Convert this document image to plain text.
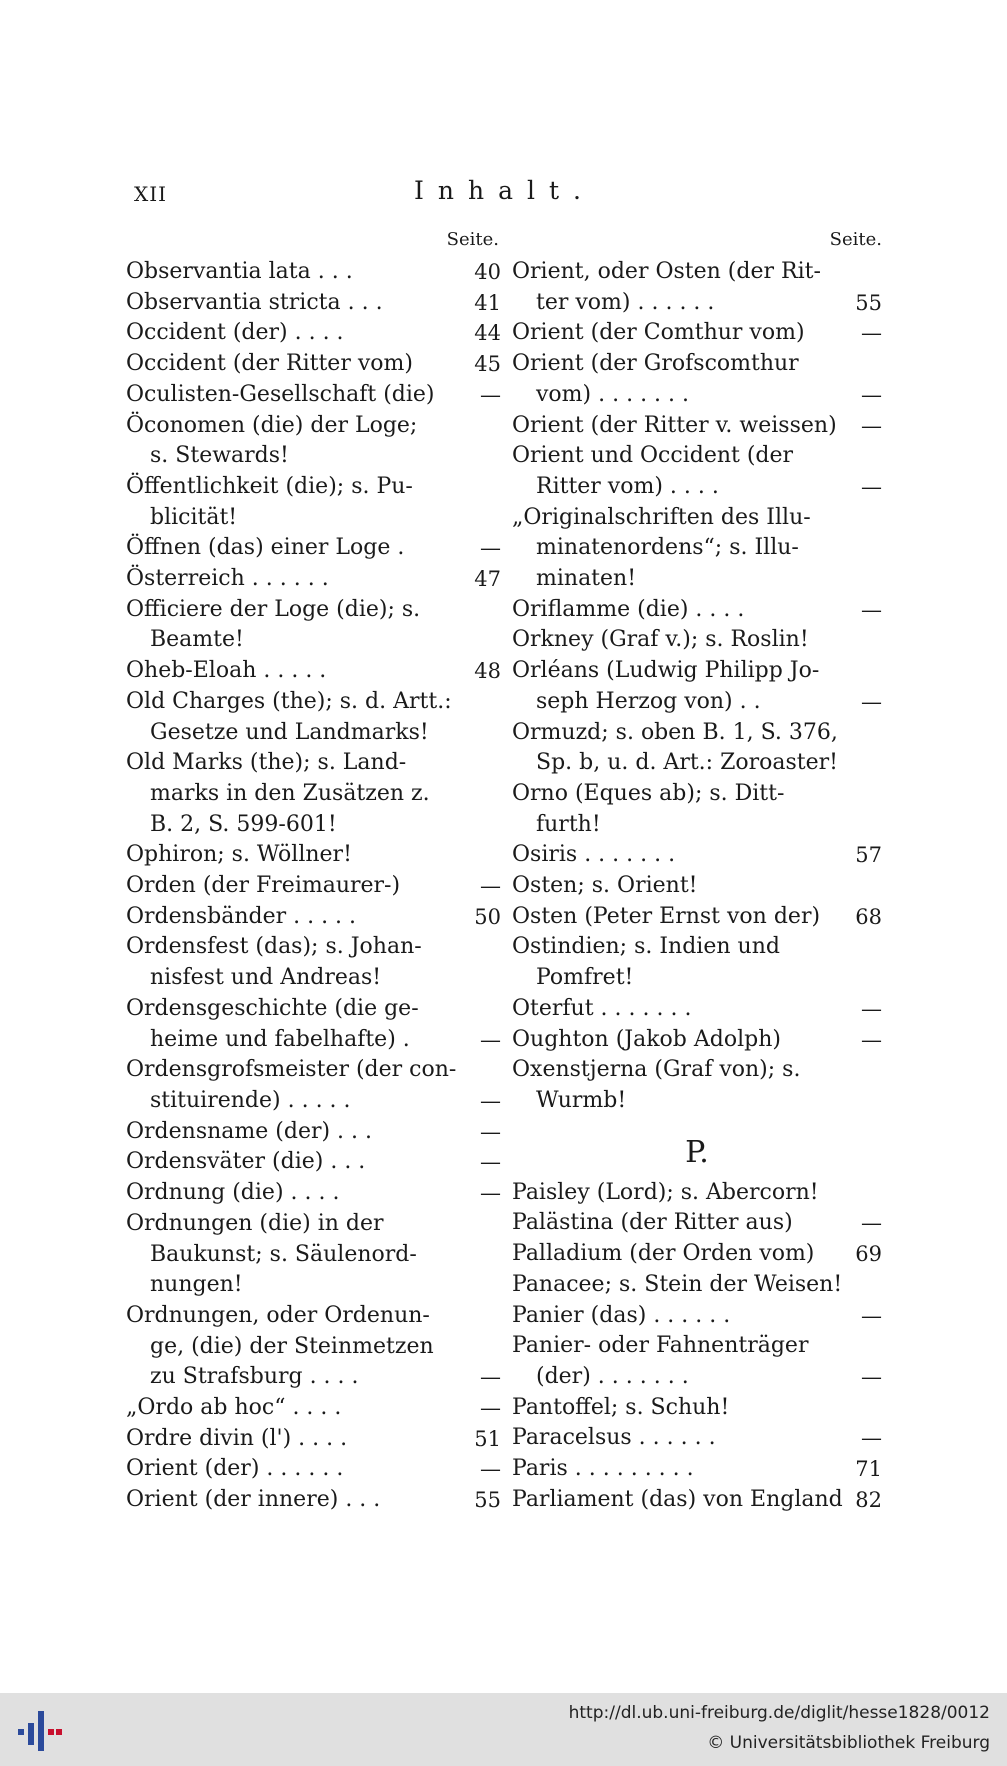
XII	Inhalt.
Seite.
Observantia lata . . .	40
Observantia stricta . . .	41
Occident (der) . . . .	44
Occident (der Ritter vom)	45
Oculisten-Gesellschaft (die)	—
Öconomen (die) der Loge;
s. Stewards!
Öffentlichkeit (die); s. Pu-
blicität!
Öffnen (das) einer Loge .	—
Österreich . . . . . .	47
Officiere der Loge (die); s.
Beamte!
Oheb-Eloah . . . . .	48
Old Charges (the); s. d. Artt.:
Gesetze und Landmarks!
Old Marks (the); s. Land-
marks in den Zusätzen z.
B. 2, S. 599-601!
Ophiron; s. Wöllner!
Orden (der Freimaurer-)	—
Ordensbänder . . . . .	50
Ordensfest (das); s. Johan-
nisfest und Andreas!
Ordensgeschichte (die ge-
heime und fabelhafte) .	—
Ordensgrofsmeister (der con-
stituirende) . . . . .	—
Ordensname (der) . . .	—
Ordensväter (die) . . .	—
Ordnung (die) . . . .	—
Ordnungen (die) in der
Baukunst; s. Säulenord-
nungen!
Ordnungen, oder Ordenun-
ge, (die) der Steinmetzen
zu Strafsburg . . . .	—
„Ordo ab hoc“ . . . .	—
Ordre divin (l') . . . .	51
Orient (der) . . . . . .	—
Orient (der innere) . . .	55
Seite.
Orient, oder Osten (der Rit-
ter vom) . . . . . .	55
Orient (der Comthur vom)	—
Orient (der Grofscomthur
vom) . . . . . . .	—
Orient (der Ritter v. weissen)	—
Orient und Occident (der
Ritter vom) . . . .	—
„Originalschriften des Illu-
minatenordens“; s. Illu-
minaten!
Oriflamme (die) . . . .	—
Orkney (Graf v.); s. Roslin!
Orléans (Ludwig Philipp Jo-
seph Herzog von) . .	—
Ormuzd; s. oben B. 1, S. 376,
Sp. b, u. d. Art.: Zoroaster!
Orno (Eques ab); s. Ditt-
furth!
Osiris . . . . . . .	57
Osten; s. Orient!
Osten (Peter Ernst von der)	68
Ostindien; s. Indien und
Pomfret!
Oterfut . . . . . . .	—
Oughton (Jakob Adolph)	—
Oxenstjerna (Graf von); s.
Wurmb!
P.
Paisley (Lord); s. Abercorn!
Palästina (der Ritter aus)	—
Palladium (der Orden vom)	69
Panacee; s. Stein der Weisen!
Panier (das) . . . . . .	—
Panier- oder Fahnenträger
(der) . . . . . . .	—
Pantoffel; s. Schuh!
Paracelsus . . . . . .	—
Paris . . . . . . . . .	71
Parliament (das) von England 82
http://dl.ub.uni-freiburg.de/diglit/hesse1828/0012
© Universitätsbibliothek Freiburg
